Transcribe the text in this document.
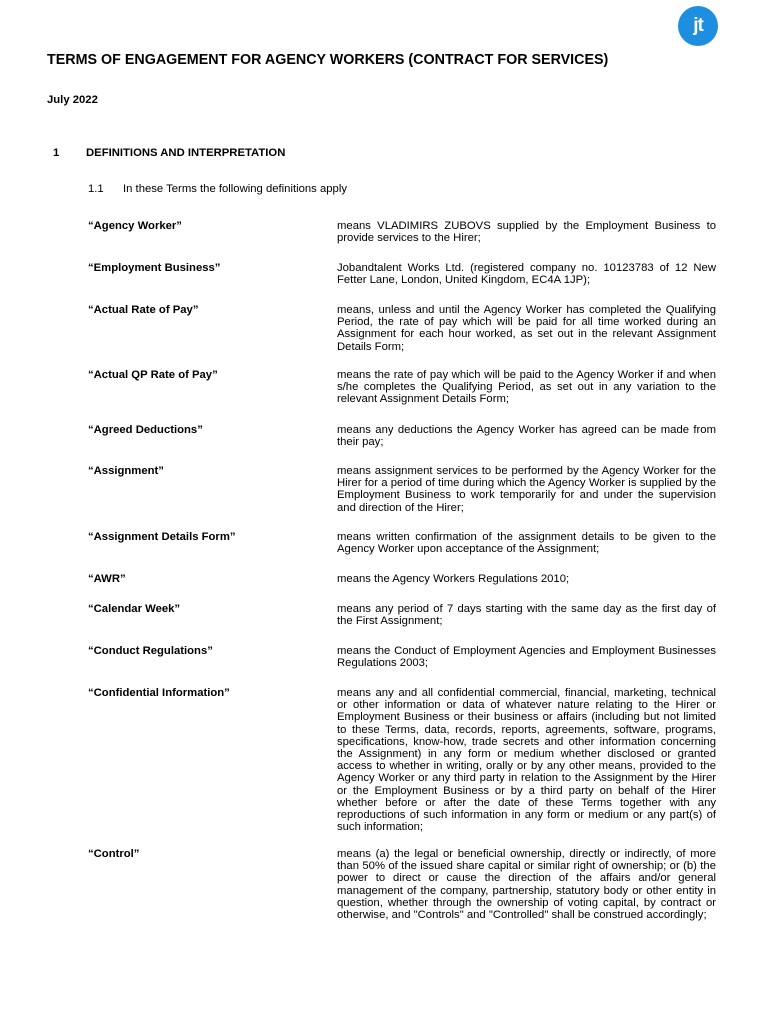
jt
TERMS OF ENGAGEMENT FOR AGENCY WORKERS (CONTRACT FOR SERVICES)
July 2022
1 DEFINITIONS AND INTERPRETATION
1.1 In these Terms the following definitions apply
“Agency Worker”	means VLADIMIRS ZUBOVS supplied by the Employment Business to provide services to the Hirer;
“Employment Business”	Jobandtalent Works Ltd. (registered company no. 10123783 of 12 New Fetter Lane, London, United Kingdom, EC4A 1JP);
“Actual Rate of Pay”	means, unless and until the Agency Worker has completed the Qualifying Period, the rate of pay which will be paid for all time worked during an Assignment for each hour worked, as set out in the relevant Assignment Details Form;
“Actual QP Rate of Pay”	means the rate of pay which will be paid to the Agency Worker if and when s/he completes the Qualifying Period, as set out in any variation to the relevant Assignment Details Form;
“Agreed Deductions”	means any deductions the Agency Worker has agreed can be made from their pay;
“Assignment”	means assignment services to be performed by the Agency Worker for the Hirer for a period of time during which the Agency Worker is supplied by the Employment Business to work temporarily for and under the supervision and direction of the Hirer;
“Assignment Details Form”	means written confirmation of the assignment details to be given to the Agency Worker upon acceptance of the Assignment;
“AWR”	means the Agency Workers Regulations 2010;
“Calendar Week”	means any period of 7 days starting with the same day as the first day of the First Assignment;
“Conduct Regulations”	means the Conduct of Employment Agencies and Employment Businesses Regulations 2003;
“Confidential Information”	means any and all confidential commercial, financial, marketing, technical or other information or data of whatever nature relating to the Hirer or Employment Business or their business or affairs (including but not limited to these Terms, data, records, reports, agreements, software, programs, specifications, know-how, trade secrets and other information concerning the Assignment) in any form or medium whether disclosed or granted access to whether in writing, orally or by any other means, provided to the Agency Worker or any third party in relation to the Assignment by the Hirer or the Employment Business or by a third party on behalf of the Hirer whether before or after the date of these Terms together with any reproductions of such information in any form or medium or any part(s) of such information;
“Control”	means (a) the legal or beneficial ownership, directly or indirectly, of more than 50% of the issued share capital or similar right of ownership; or (b) the power to direct or cause the direction of the affairs and/or general management of the company, partnership, statutory body or other entity in question, whether through the ownership of voting capital, by contract or otherwise, and "Controls" and "Controlled" shall be construed accordingly;
